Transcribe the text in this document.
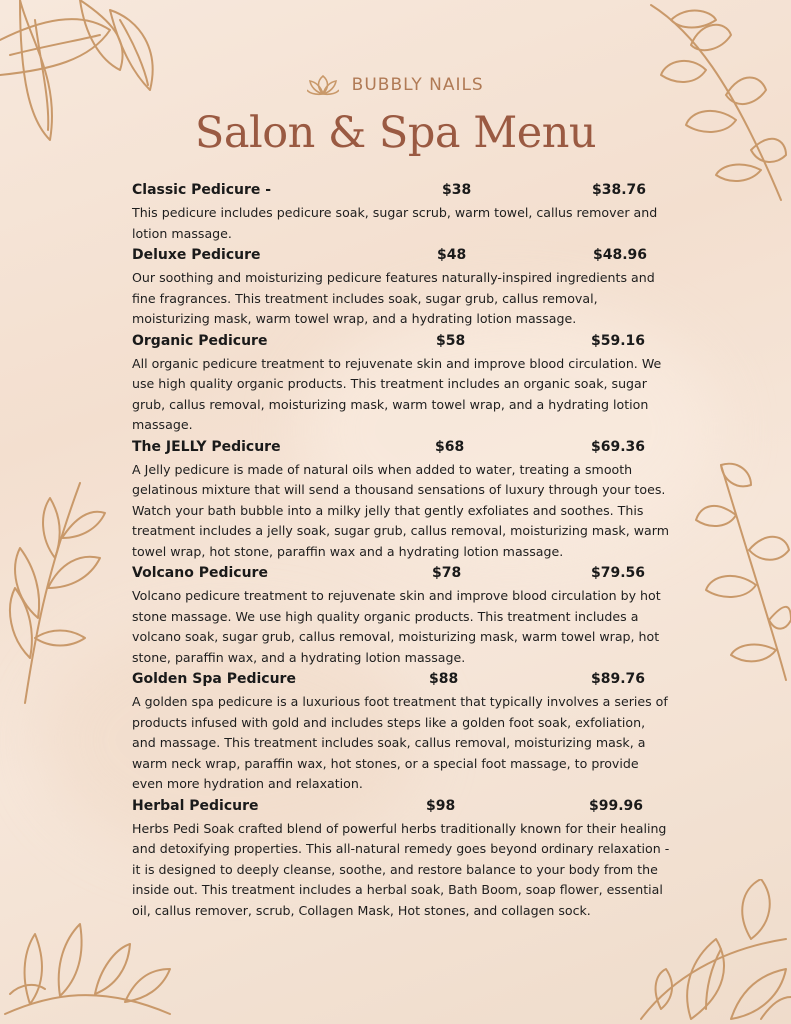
BUBBLY NAILS
Salon & Spa Menu
Classic Pedicure -	$38	$38.76

This pedicure includes pedicure soak, sugar scrub, warm towel, callus remover and lotion massage.

Deluxe Pedicure	$48	$48.96

Our soothing and moisturizing pedicure features naturally-inspired ingredients and fine fragrances. This treatment includes soak, sugar grub, callus removal, moisturizing mask, warm towel wrap, and a hydrating lotion massage.

Organic Pedicure	$58	$59.16

All organic pedicure treatment to rejuvenate skin and improve blood circulation. We use high quality organic products. This treatment includes an organic soak, sugar grub, callus removal, moisturizing mask, warm towel wrap, and a hydrating lotion massage.

The JELLY Pedicure	$68	$69.36

A Jelly pedicure is made of natural oils when added to water, treating a smooth gelatinous mixture that will send a thousand sensations of luxury through your toes. Watch your bath bubble into a milky jelly that gently exfoliates and soothes. This treatment includes a jelly soak, sugar grub, callus removal, moisturizing mask, warm towel wrap, hot stone, paraffin wax and a hydrating lotion massage.

Volcano Pedicure	$78	$79.56

Volcano pedicure treatment to rejuvenate skin and improve blood circulation by hot stone massage. We use high quality organic products. This treatment includes a volcano soak, sugar grub, callus removal, moisturizing mask, warm towel wrap, hot stone, paraffin wax, and a hydrating lotion massage.

Golden Spa Pedicure	$88	$89.76

A golden spa pedicure is a luxurious foot treatment that typically involves a series of products infused with gold and includes steps like a golden foot soak, exfoliation, and massage. This treatment includes soak, callus removal, moisturizing mask, a warm neck wrap, paraffin wax, hot stones, or a special foot massage, to provide even more hydration and relaxation.

Herbal Pedicure	$98	$99.96

Herbs Pedi Soak crafted blend of powerful herbs traditionally known for their healing and detoxifying properties. This all-natural remedy goes beyond ordinary relaxation - it is designed to deeply cleanse, soothe, and restore balance to your body from the inside out. This treatment includes a herbal soak, Bath Boom, soap flower, essential oil, callus remover, scrub, Collagen Mask, Hot stones, and collagen sock.
